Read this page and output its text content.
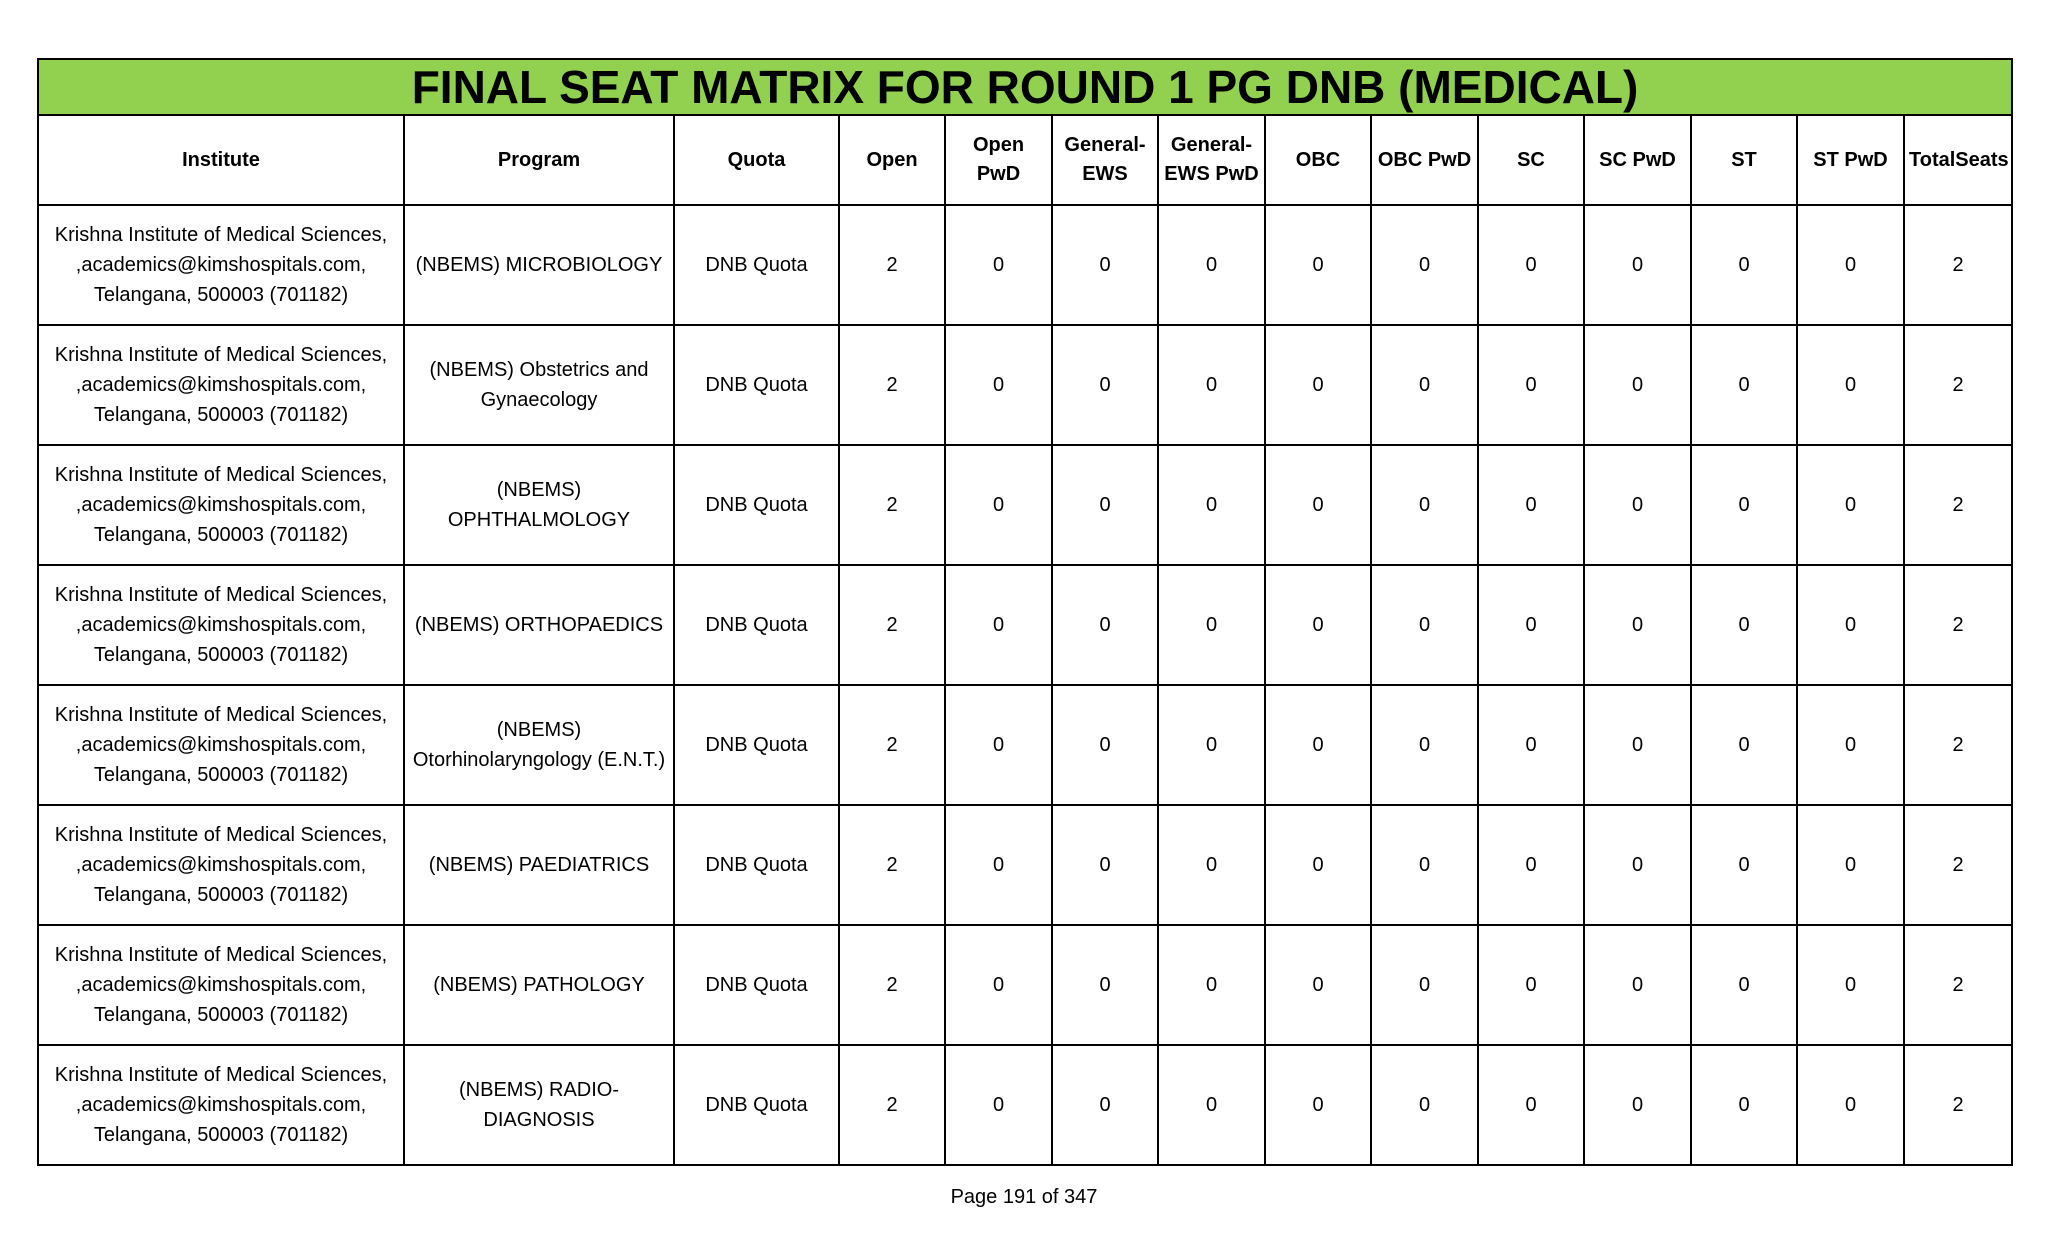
FINAL SEAT MATRIX FOR ROUND 1 PG DNB (MEDICAL)													
Institute	Program	Quota	Open	Open PwD	General-EWS	General-EWS PwD	OBC	OBC PwD	SC	SC PwD	ST	ST PwD	TotalSeats

Krishna Institute of Medical Sciences,
,academics@kimshospitals.com,
Telangana, 500003 (701182)	(NBEMS) MICROBIOLOGY	DNB Quota	2	0	0	0	0	0	0	0	0	0	2

Krishna Institute of Medical Sciences,
,academics@kimshospitals.com,
Telangana, 500003 (701182)	(NBEMS) Obstetrics and Gynaecology	DNB Quota	2	0	0	0	0	0	0	0	0	0	2

Krishna Institute of Medical Sciences,
,academics@kimshospitals.com,
Telangana, 500003 (701182)	(NBEMS) OPHTHALMOLOGY	DNB Quota	2	0	0	0	0	0	0	0	0	0	2

Krishna Institute of Medical Sciences,
,academics@kimshospitals.com,
Telangana, 500003 (701182)	(NBEMS) ORTHOPAEDICS	DNB Quota	2	0	0	0	0	0	0	0	0	0	2

Krishna Institute of Medical Sciences,
,academics@kimshospitals.com,
Telangana, 500003 (701182)	(NBEMS) Otorhinolaryngology (E.N.T.)	DNB Quota	2	0	0	0	0	0	0	0	0	0	2

Krishna Institute of Medical Sciences,
,academics@kimshospitals.com,
Telangana, 500003 (701182)	(NBEMS) PAEDIATRICS	DNB Quota	2	0	0	0	0	0	0	0	0	0	2

Krishna Institute of Medical Sciences,
,academics@kimshospitals.com,
Telangana, 500003 (701182)	(NBEMS) PATHOLOGY	DNB Quota	2	0	0	0	0	0	0	0	0	0	2

Krishna Institute of Medical Sciences,
,academics@kimshospitals.com,
Telangana, 500003 (701182)	(NBEMS) RADIO-DIAGNOSIS	DNB Quota	2	0	0	0	0	0	0	0	0	0	2
Page 191 of 347
